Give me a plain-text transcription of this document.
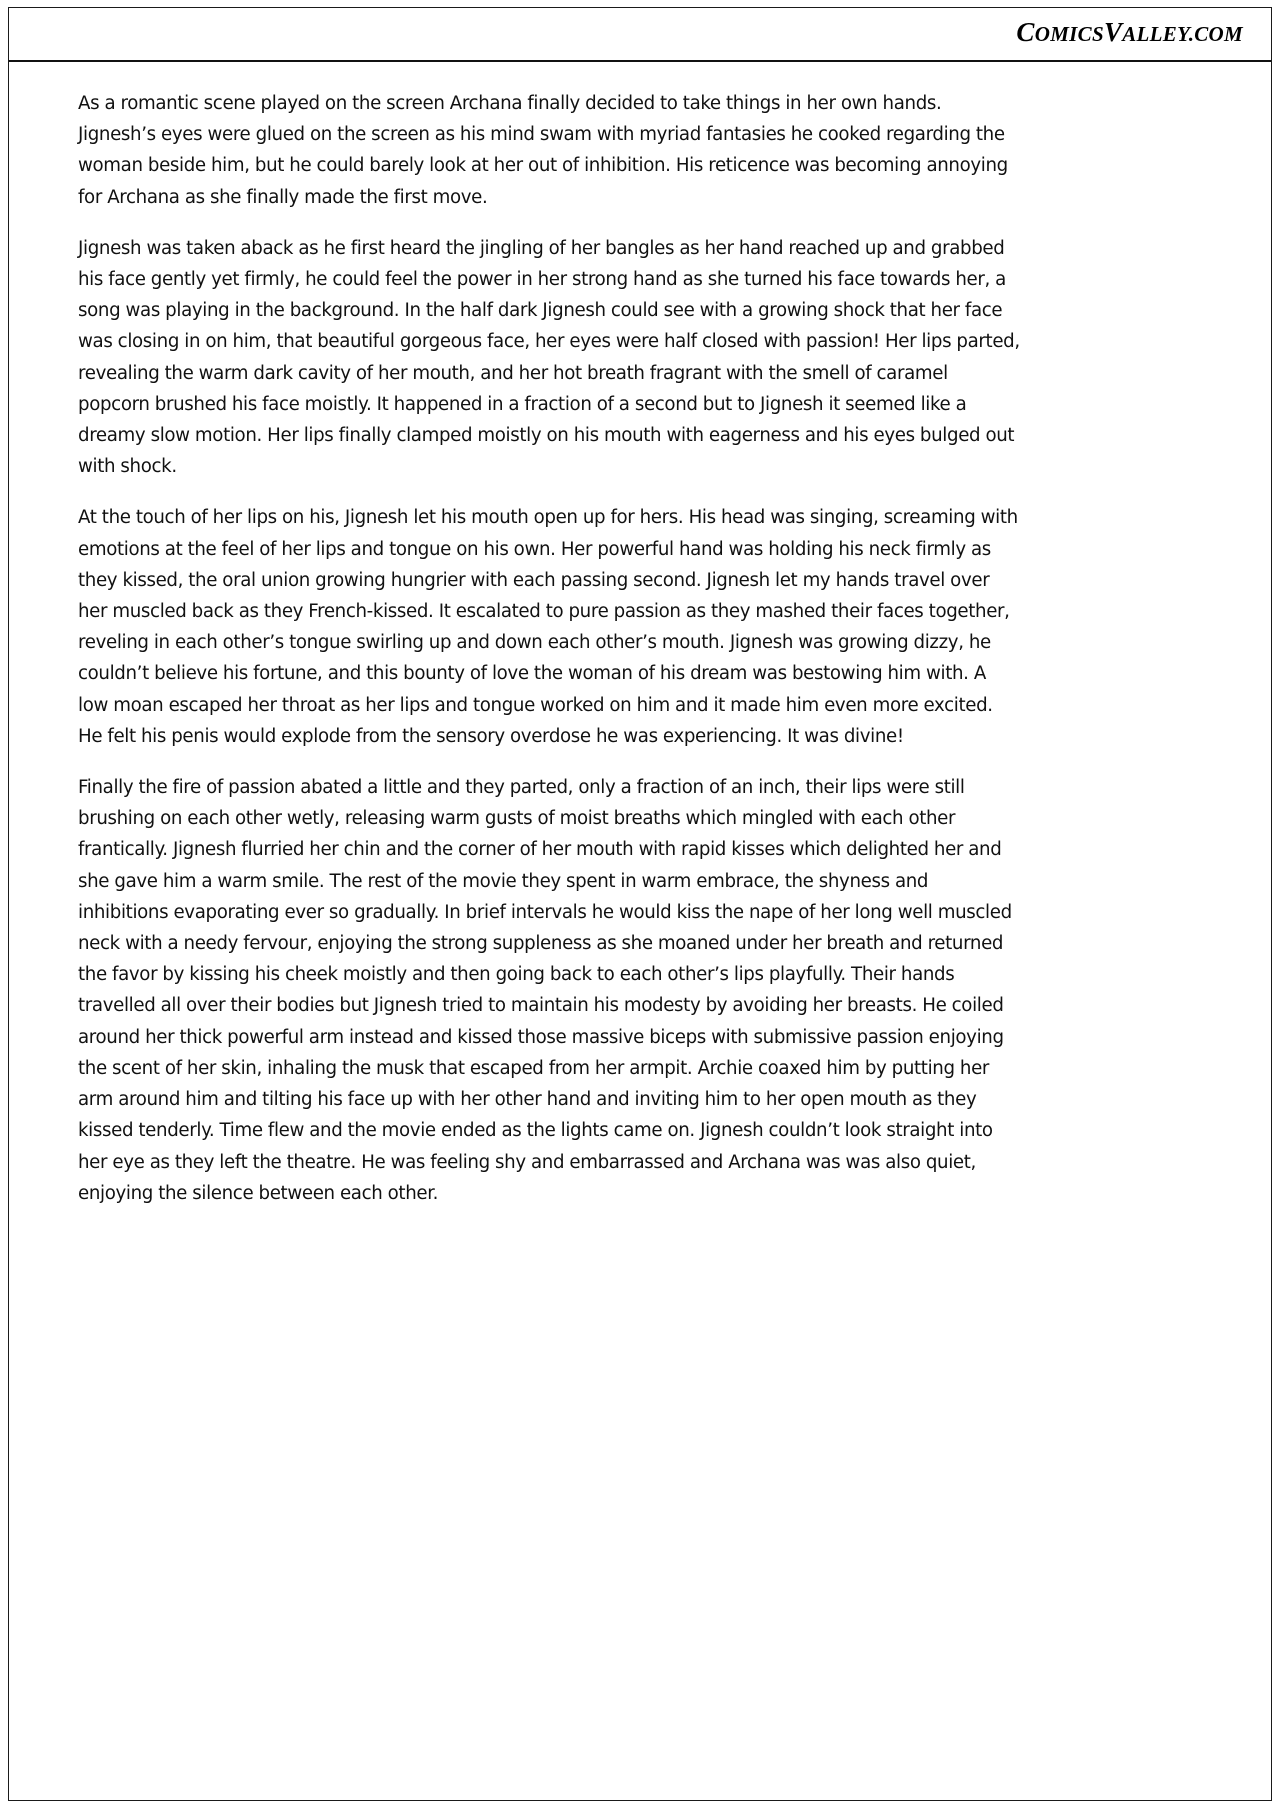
COMICSVALLEY.COM

As a romantic scene played on the screen Archana finally decided to take things in her own hands. Jignesh’s eyes were glued on the screen as his mind swam with myriad fantasies he cooked regarding the woman beside him, but he could barely look at her out of inhibition. His reticence was becoming annoying for Archana as she finally made the first move.

Jignesh was taken aback as he first heard the jingling of her bangles as her hand reached up and grabbed his face gently yet firmly, he could feel the power in her strong hand as she turned his face towards her, a song was playing in the background. In the half dark Jignesh could see with a growing shock that her face was closing in on him, that beautiful gorgeous face, her eyes were half closed with passion! Her lips parted, revealing the warm dark cavity of her mouth, and her hot breath fragrant with the smell of caramel popcorn brushed his face moistly. It happened in a fraction of a second but to Jignesh it seemed like a dreamy slow motion. Her lips finally clamped moistly on his mouth with eagerness and his eyes bulged out with shock.

At the touch of her lips on his, Jignesh let his mouth open up for hers. His head was singing, screaming with emotions at the feel of her lips and tongue on his own. Her powerful hand was holding his neck firmly as they kissed, the oral union growing hungrier with each passing second. Jignesh let my hands travel over her muscled back as they French-kissed. It escalated to pure passion as they mashed their faces together, reveling in each other’s tongue swirling up and down each other’s mouth. Jignesh was growing dizzy, he couldn’t believe his fortune, and this bounty of love the woman of his dream was bestowing him with. A low moan escaped her throat as her lips and tongue worked on him and it made him even more excited. He felt his penis would explode from the sensory overdose he was experiencing. It was divine!

Finally the fire of passion abated a little and they parted, only a fraction of an inch, their lips were still brushing on each other wetly, releasing warm gusts of moist breaths which mingled with each other frantically. Jignesh flurried her chin and the corner of her mouth with rapid kisses which delighted her and she gave him a warm smile. The rest of the movie they spent in warm embrace, the shyness and inhibitions evaporating ever so gradually. In brief intervals he would kiss the nape of her long well muscled neck with a needy fervour, enjoying the strong suppleness as she moaned under her breath and returned the favor by kissing his cheek moistly and then going back to each other’s lips playfully. Their hands travelled all over their bodies but Jignesh tried to maintain his modesty by avoiding her breasts. He coiled around her thick powerful arm instead and kissed those massive biceps with submissive passion enjoying the scent of her skin, inhaling the musk that escaped from her armpit. Archie coaxed him by putting her arm around him and tilting his face up with her other hand and inviting him to her open mouth as they kissed tenderly. Time flew and the movie ended as the lights came on. Jignesh couldn’t look straight into her eye as they left the theatre. He was feeling shy and embarrassed and Archana was was also quiet, enjoying the silence between each other.
